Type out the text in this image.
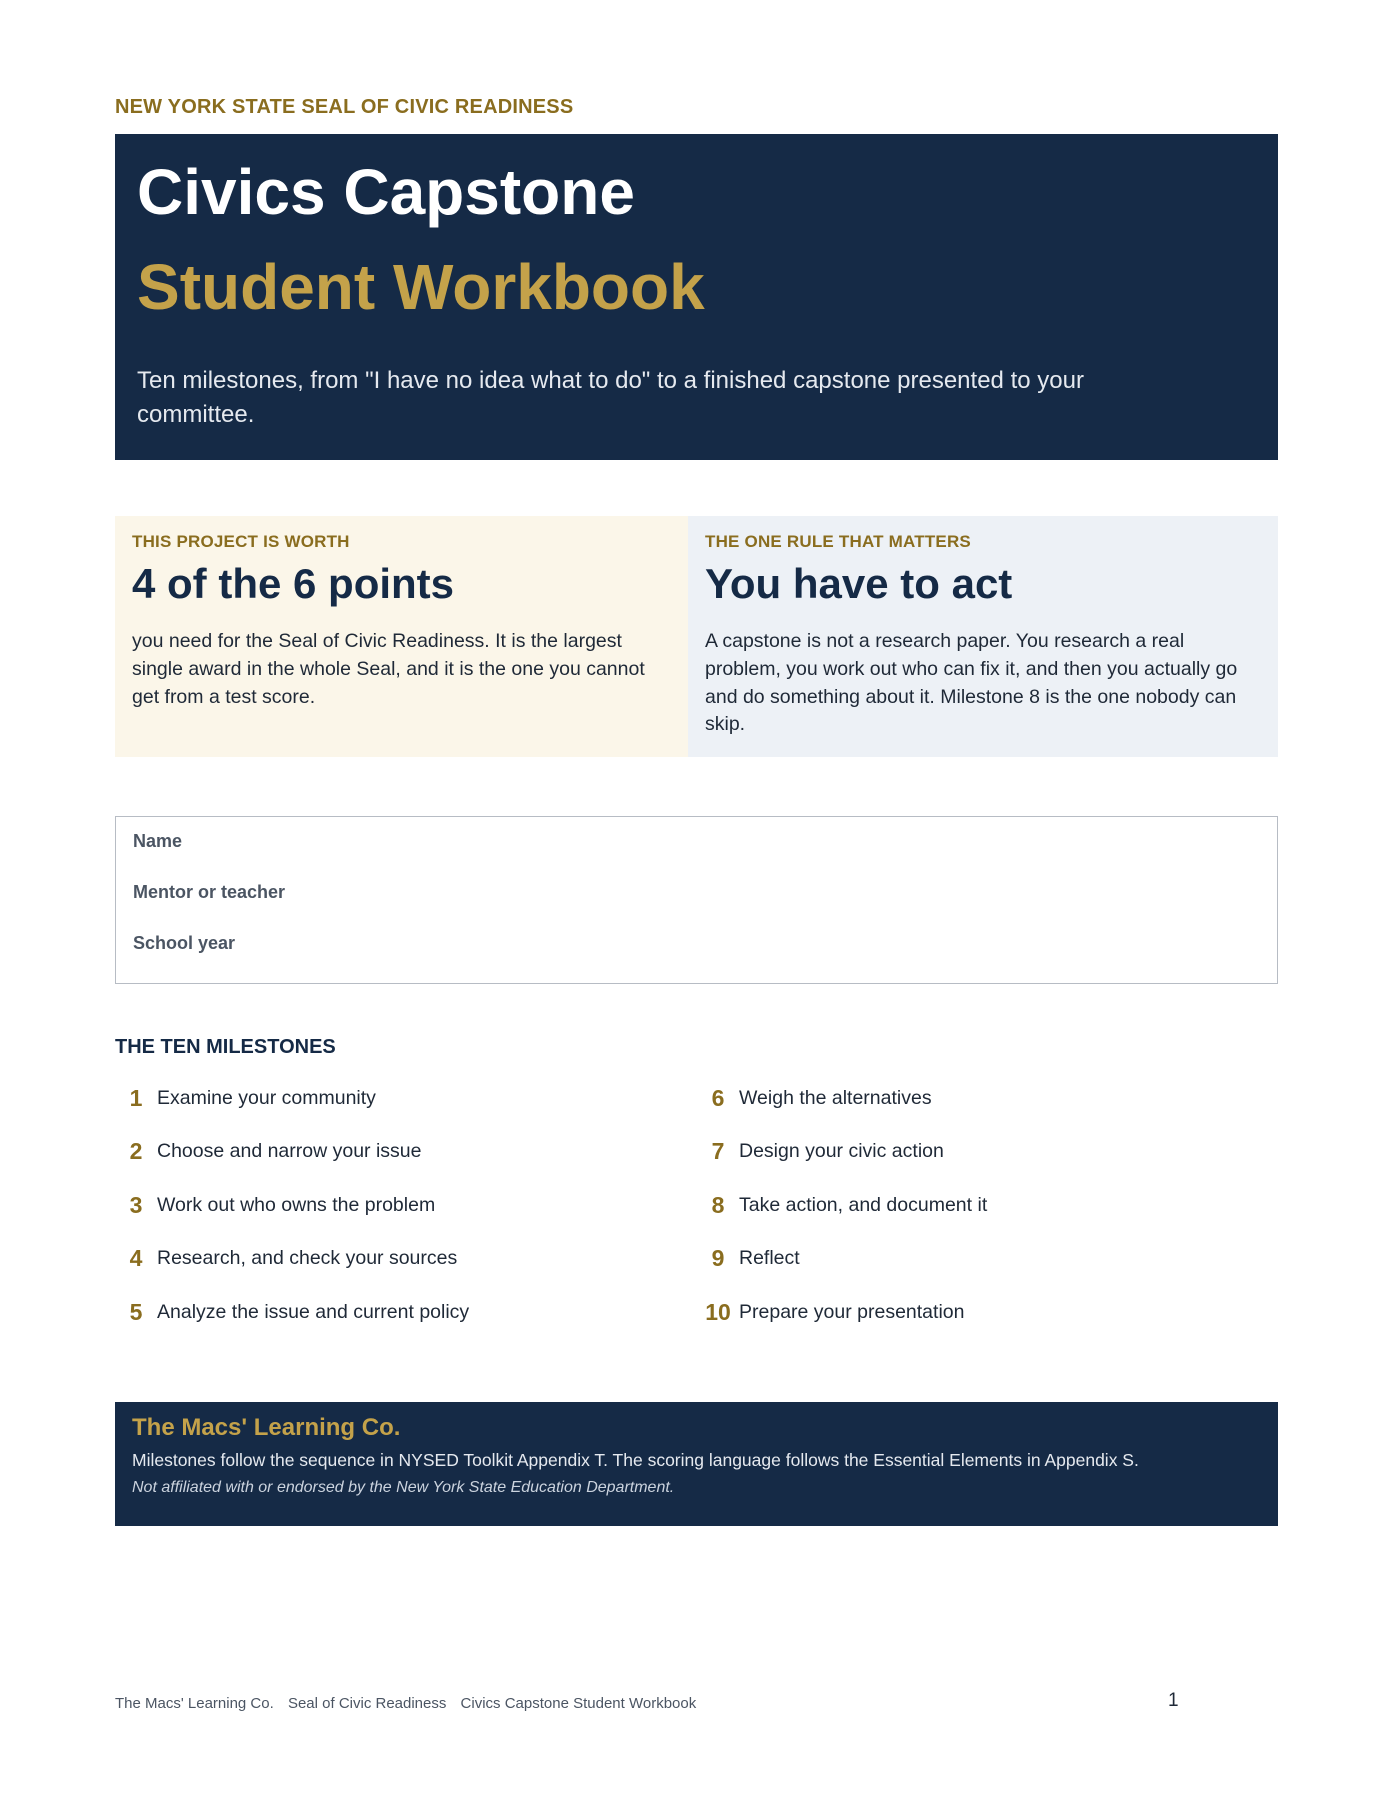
NEW YORK STATE SEAL OF CIVIC READINESS
Civics Capstone
Student Workbook
Ten milestones, from "I have no idea what to do" to a finished capstone presented to your committee.
THIS PROJECT IS WORTH
4 of the 6 points
you need for the Seal of Civic Readiness. It is the largest single award in the whole Seal, and it is the one you cannot get from a test score.
THE ONE RULE THAT MATTERS
You have to act
A capstone is not a research paper. You research a real problem, you work out who can fix it, and then you actually go and do something about it. Milestone 8 is the one nobody can skip.
Name
Mentor or teacher
School year
THE TEN MILESTONES
1 Examine your community
2 Choose and narrow your issue
3 Work out who owns the problem
4 Research, and check your sources
5 Analyze the issue and current policy
6 Weigh the alternatives
7 Design your civic action
8 Take action, and document it
9 Reflect
10 Prepare your presentation
The Macs' Learning Co.
Milestones follow the sequence in NYSED Toolkit Appendix T. The scoring language follows the Essential Elements in Appendix S.
Not affiliated with or endorsed by the New York State Education Department.
The Macs' Learning Co. Seal of Civic Readiness Civics Capstone Student Workbook	1
